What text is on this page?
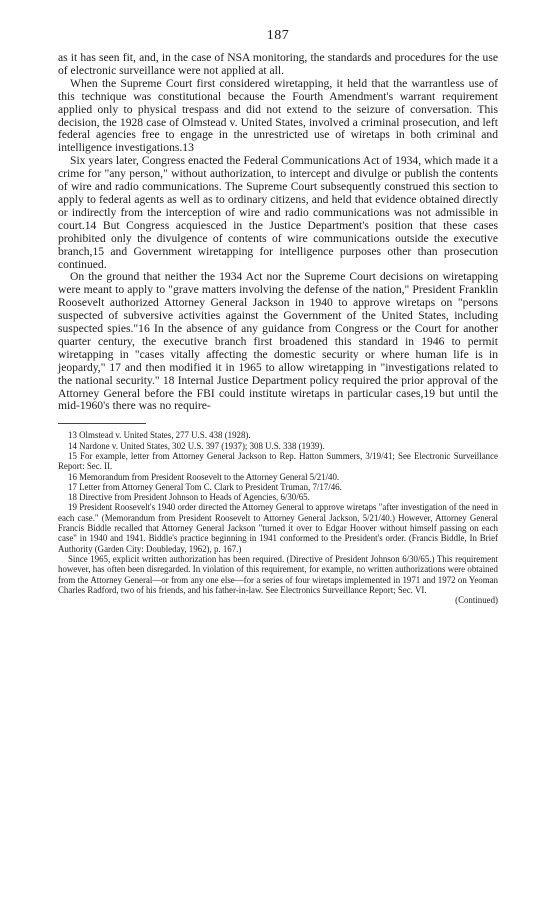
187

as it has seen fit, and, in the case of NSA monitoring, the standards and procedures for the use of electronic surveillance were not applied at all.

When the Supreme Court first considered wiretapping, it held that the warrantless use of this technique was constitutional because the Fourth Amendment's warrant requirement applied only to physical trespass and did not extend to the seizure of conversation. This decision, the 1928 case of Olmstead v. United States, involved a criminal prosecution, and left federal agencies free to engage in the unrestricted use of wiretaps in both criminal and intelligence investigations.13

Six years later, Congress enacted the Federal Communications Act of 1934, which made it a crime for "any person," without authorization, to intercept and divulge or publish the contents of wire and radio communications. The Supreme Court subsequently construed this section to apply to federal agents as well as to ordinary citizens, and held that evidence obtained directly or indirectly from the interception of wire and radio communications was not admissible in court.14 But Congress acquiesced in the Justice Department's position that these cases prohibited only the divulgence of contents of wire communications outside the executive branch,15 and Government wiretapping for intelligence purposes other than prosecution continued.

On the ground that neither the 1934 Act nor the Supreme Court decisions on wiretapping were meant to apply to "grave matters involving the defense of the nation," President Franklin Roosevelt authorized Attorney General Jackson in 1940 to approve wiretaps on "persons suspected of subversive activities against the Government of the United States, including suspected spies."16 In the absence of any guidance from Congress or the Court for another quarter century, the executive branch first broadened this standard in 1946 to permit wiretapping in "cases vitally affecting the domestic security or where human life is in jeopardy," 17 and then modified it in 1965 to allow wiretapping in "investigations related to the national security." 18 Internal Justice Department policy required the prior approval of the Attorney General before the FBI could institute wiretaps in particular cases,19 but until the mid-1960's there was no require-

13 Olmstead v. United States, 277 U.S. 438 (1928).

14 Nardone v. United States, 302 U.S. 397 (1937); 308 U.S. 338 (1939).

15 For example, letter from Attorney General Jackson to Rep. Hatton Summers, 3/19/41; See Electronic Surveillance Report: Sec. II.

16 Memorandum from President Roosevelt to the Attorney General 5/21/40.

17 Letter from Attorney General Tom C. Clark to President Truman, 7/17/46.

18 Directive from President Johnson to Heads of Agencies, 6/30/65.

19 President Roosevelt's 1940 order directed the Attorney General to approve wiretaps "after investigation of the need in each case." (Memorandum from President Roosevelt to Attorney General Jackson, 5/21/40.) However, Attorney General Francis Biddle recalled that Attorney General Jackson "turned it over to Edgar Hoover without himself passing on each case" in 1940 and 1941. Biddle's practice beginning in 1941 conformed to the President's order. (Francis Biddle, In Brief Authority (Garden City: Doubleday, 1962), p. 167.)

Since 1965, explicit written authorization has been required. (Directive of President Johnson 6/30/65.) This requirement however, has often been disregarded. In violation of this requirement, for example, no written authorizations were obtained from the Attorney General—or from any one else—for a series of four wiretaps implemented in 1971 and 1972 on Yeoman Charles Radford, two of his friends, and his father-in-law. See Electronics Surveillance Report; Sec. VI.

(Continued)
